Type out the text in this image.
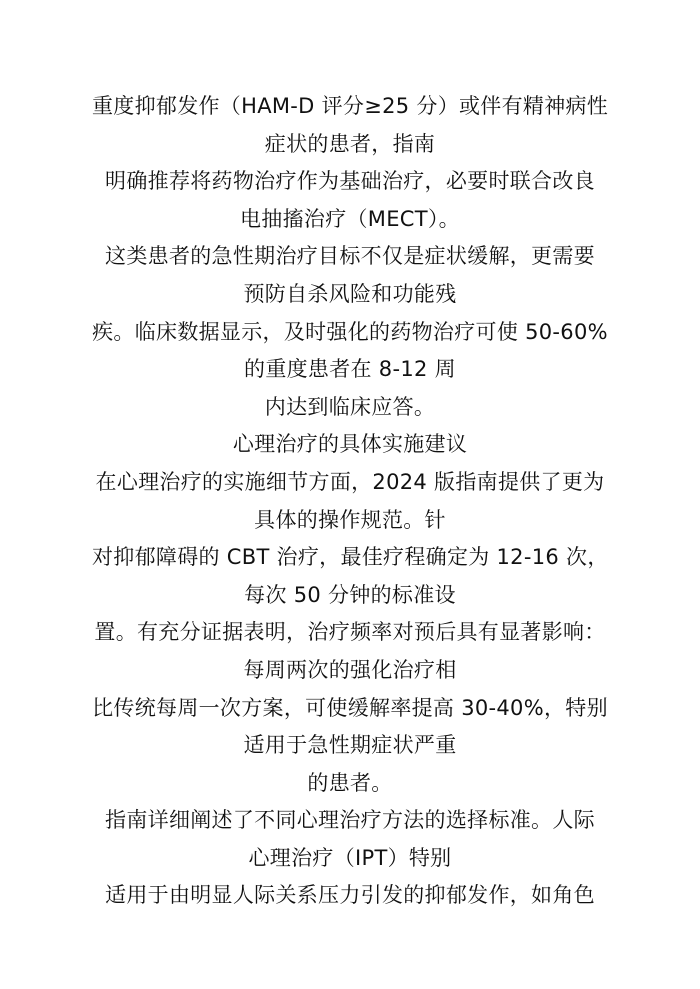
重度抑郁发作（HAM-D 评分≥25 分）或伴有精神病性
症状的患者，指南
明确推荐将药物治疗作为基础治疗，必要时联合改良
电抽搐治疗（MECT）。
这类患者的急性期治疗目标不仅是症状缓解，更需要
预防自杀风险和功能残
疾。临床数据显示，及时强化的药物治疗可使 50-60%
的重度患者在 8-12 周
内达到临床应答。
心理治疗的具体实施建议
在心理治疗的实施细节方面，2024 版指南提供了更为
具体的操作规范。针
对抑郁障碍的 CBT 治疗，最佳疗程确定为 12-16 次，
每次 50 分钟的标准设
置。有充分证据表明，治疗频率对预后具有显著影响：
每周两次的强化治疗相
比传统每周一次方案，可使缓解率提高 30-40%，特别
适用于急性期症状严重
的患者。
指南详细阐述了不同心理治疗方法的选择标准。人际
心理治疗（IPT）特别
适用于由明显人际关系压力引发的抑郁发作，如角色
